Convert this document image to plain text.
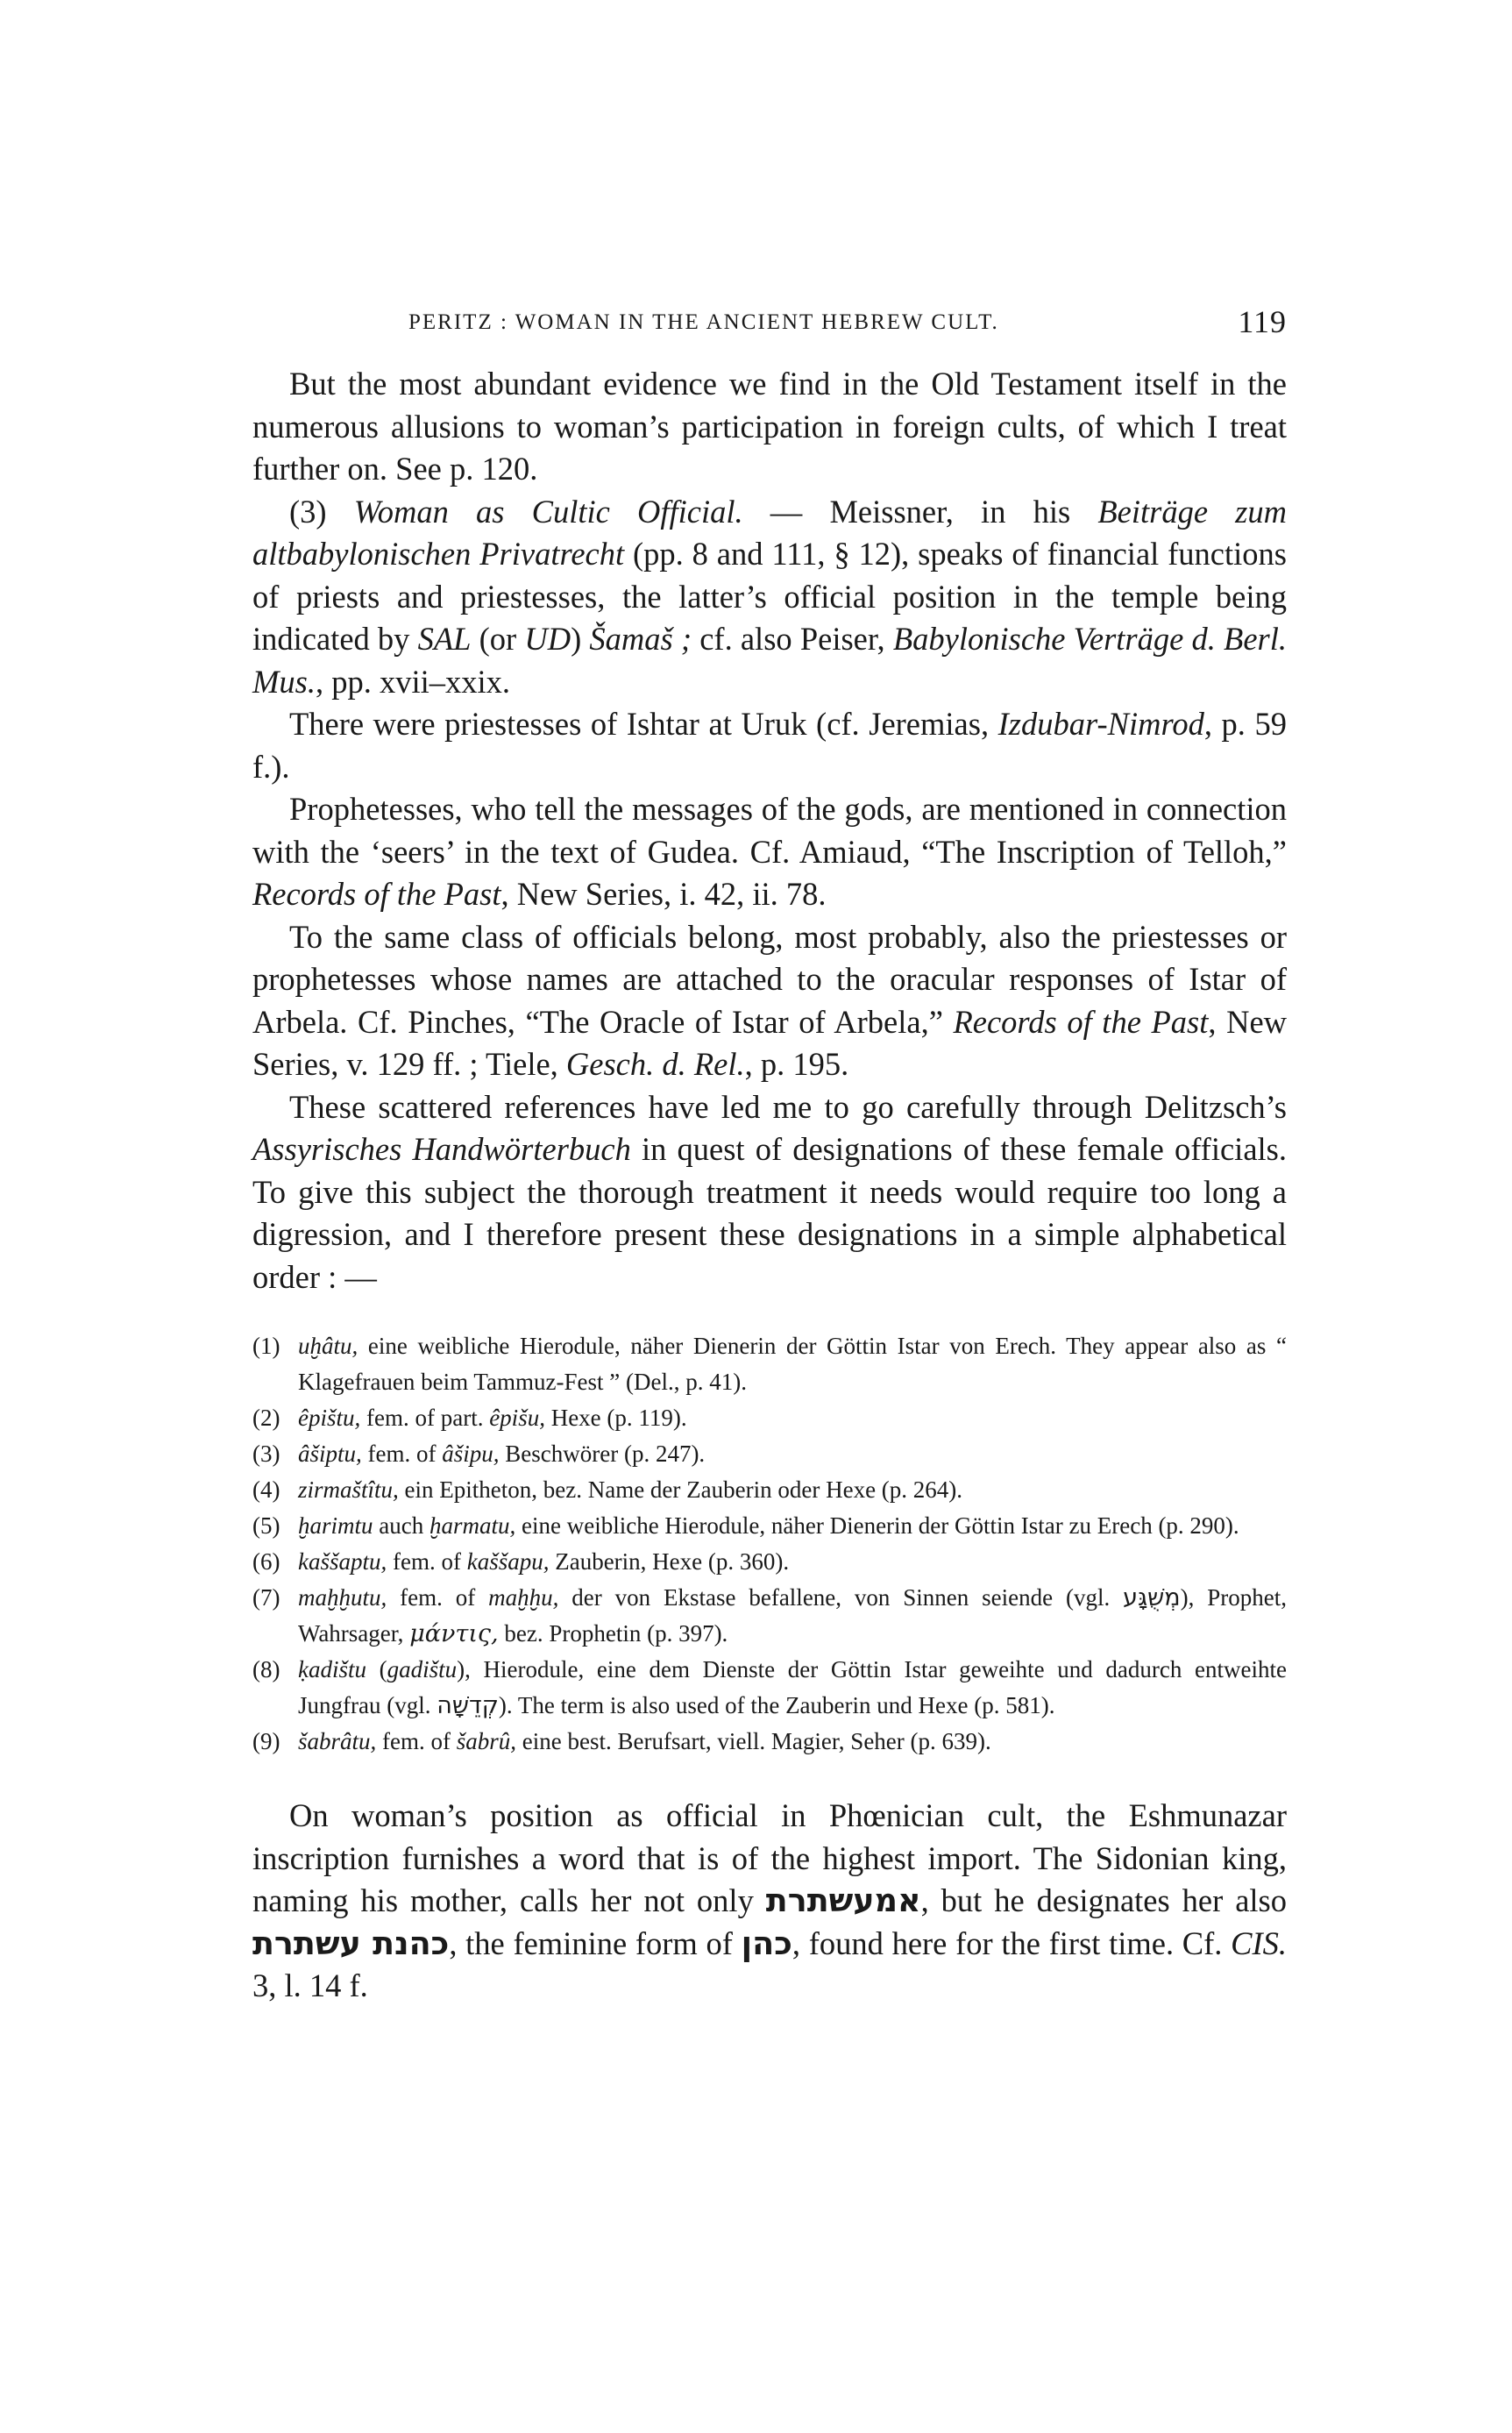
PERITZ : WOMAN IN THE ANCIENT HEBREW CULT.	119

But the most abundant evidence we find in the Old Testament itself in the numerous allusions to woman’s participation in foreign cults, of which I treat further on. See p. 120.

(3) Woman as Cultic Official. — Meissner, in his Beiträge zum altbabylonischen Privatrecht (pp. 8 and 111, § 12), speaks of financial functions of priests and priestesses, the latter’s official position in the temple being indicated by SAL (or UD) Šamaš ; cf. also Peiser, Babylonische Verträge d. Berl. Mus., pp. xvii–xxix.

There were priestesses of Ishtar at Uruk (cf. Jeremias, Izdubar-Nimrod, p. 59 f.).

Prophetesses, who tell the messages of the gods, are mentioned in connection with the ‘seers’ in the text of Gudea. Cf. Amiaud, “The Inscription of Telloh,” Records of the Past, New Series, i. 42, ii. 78.

To the same class of officials belong, most probably, also the priestesses or prophetesses whose names are attached to the oracular responses of Istar of Arbela. Cf. Pinches, “The Oracle of Istar of Arbela,” Records of the Past, New Series, v. 129 ff. ; Tiele, Gesch. d. Rel., p. 195.

These scattered references have led me to go carefully through Delitzsch’s Assyrisches Handwörterbuch in quest of designations of these female officials. To give this subject the thorough treatment it needs would require too long a digression, and I therefore present these designations in a simple alphabetical order : —

(1) uḫâtu, eine weibliche Hierodule, näher Dienerin der Göttin Istar von Erech. They appear also as “ Klagefrauen beim Tammuz-Fest ” (Del., p. 41).
(2) êpištu, fem. of part. êpišu, Hexe (p. 119).
(3) âšiptu, fem. of âšipu, Beschwörer (p. 247).
(4) zirmaštîtu, ein Epitheton, bez. Name der Zauberin oder Hexe (p. 264).
(5) ḫarimtu auch ḫarmatu, eine weibliche Hierodule, näher Dienerin der Göttin Istar zu Erech (p. 290).
(6) kaššaptu, fem. of kaššapu, Zauberin, Hexe (p. 360).
(7) maḫḫutu, fem. of maḫḫu, der von Ekstase befallene, von Sinnen seiende (vgl. מְשֻׁגָּע), Prophet, Wahrsager, μάντις, bez. Prophetin (p. 397).
(8) ḳadištu (gadištu), Hierodule, eine dem Dienste der Göttin Istar geweihte und dadurch entweihte Jungfrau (vgl. קְדֵשָׁה). The term is also used of the Zauberin und Hexe (p. 581).
(9) šabrâtu, fem. of šabrû, eine best. Berufsart, viell. Magier, Seher (p. 639).

On woman’s position as official in Phœnician cult, the Eshmunazar inscription furnishes a word that is of the highest import. The Sidonian king, naming his mother, calls her not only אמעשתרת, but he designates her also כהנת עשתרת, the feminine form of כהן, found here for the first time. Cf. CIS. 3, l. 14 f.
